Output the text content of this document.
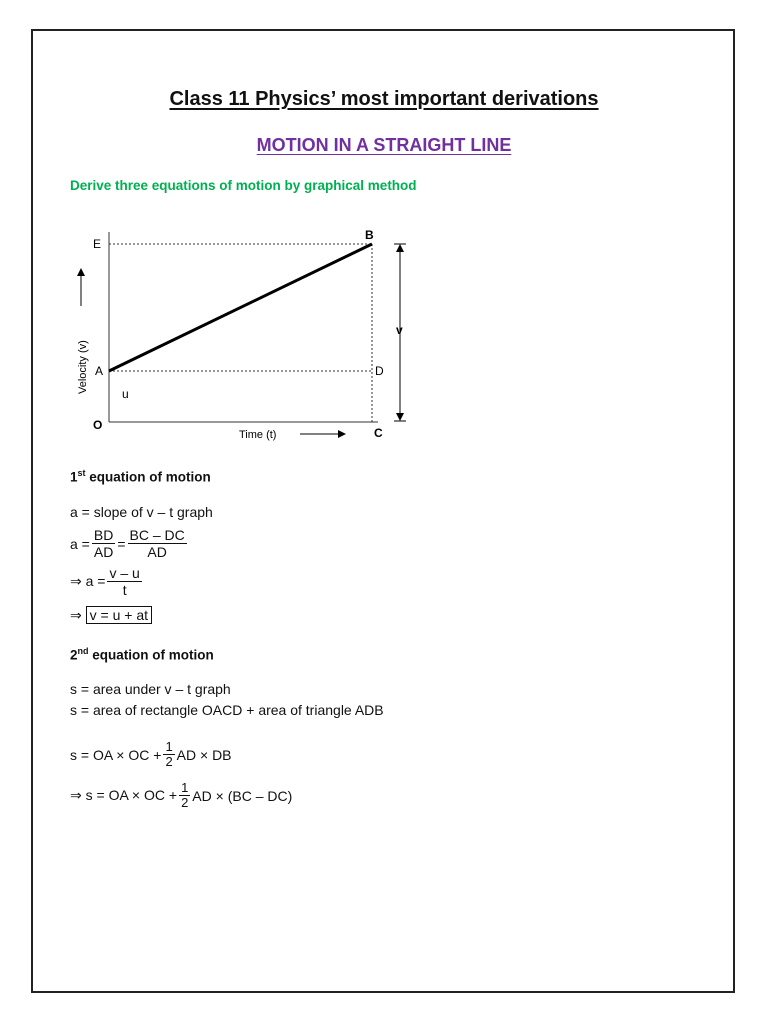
Class 11 Physics’ most important derivations
MOTION IN A STRAIGHT LINE
Derive three equations of motion by graphical method
E
B
A	D
O
C
u
v
Velocity (v)
Time (t)
1st equation of motion
a = slope of v – t graph
$a = \frac{BD}{AD} = \frac{BC - DC}{AD}$
⇒ $a = \frac{v - u}{t}$
⇒ v = u + at
2nd equation of motion
s = area under v – t graph
s = area of rectangle OACD + area of triangle ADB
s = OA × OC + $\frac{1}{2}$ AD × DB
⇒ s = OA × OC + $\frac{1}{2}$ AD × (BC – DC)
